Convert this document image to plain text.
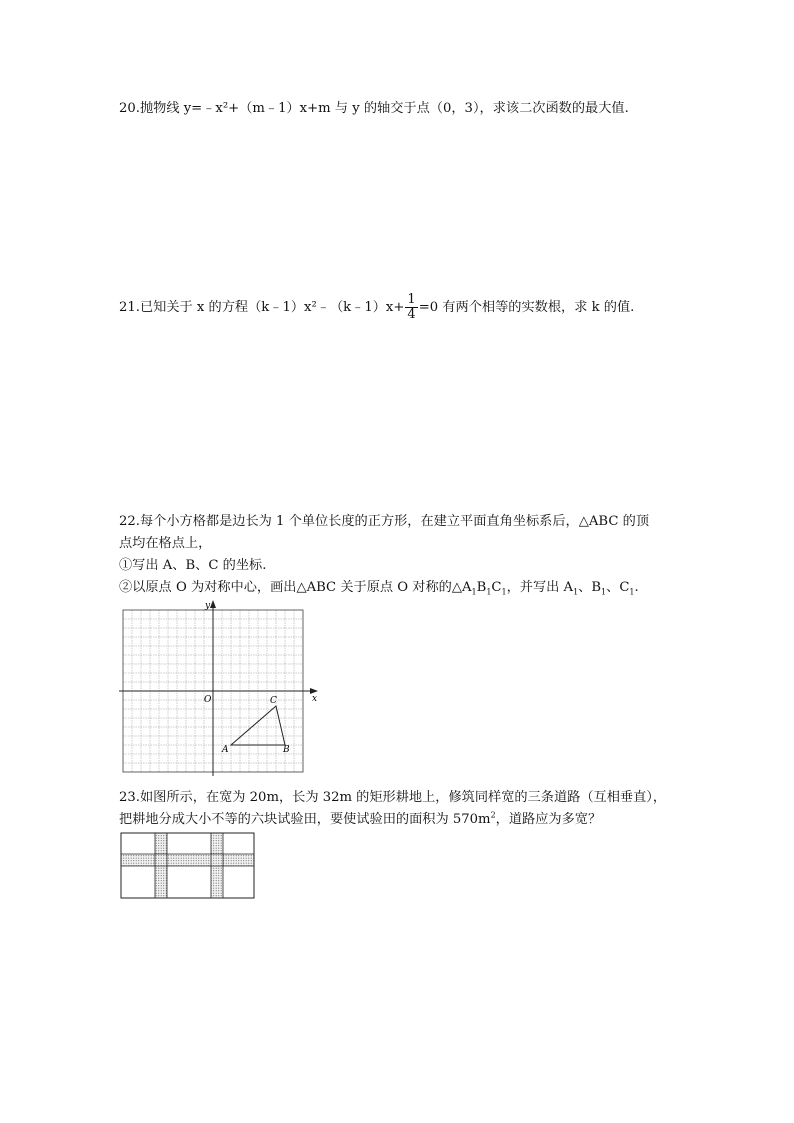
20.抛物线 y=﹣x²+（m﹣1）x+m 与 y 的轴交于点（0，3），求该二次函数的最大值.
21.已知关于 x 的方程（k﹣1）x²﹣（k﹣1）x+ $\frac{1}{4} =0$ 有两个相等的实数根，求 k 的值.
22.每个小方格都是边长为 1 个单位长度的正方形，在建立平面直角坐标系后，△ABC 的顶
点均在格点上，
①写出 A、B、C 的坐标.
②以原点 O 为对称中心，画出△ABC 关于原点 O 对称的$\triangle A_1B_1C_1$，并写出 $A_1$、$B_1$、$C_1$.
x
y
O
A	B
C
23.如图所示，在宽为 20m，长为 32m 的矩形耕地上，修筑同样宽的三条道路（互相垂直），
把耕地分成大小不等的六块试验田，要使试验田的面积为 $570m^2$，道路应为多宽？
